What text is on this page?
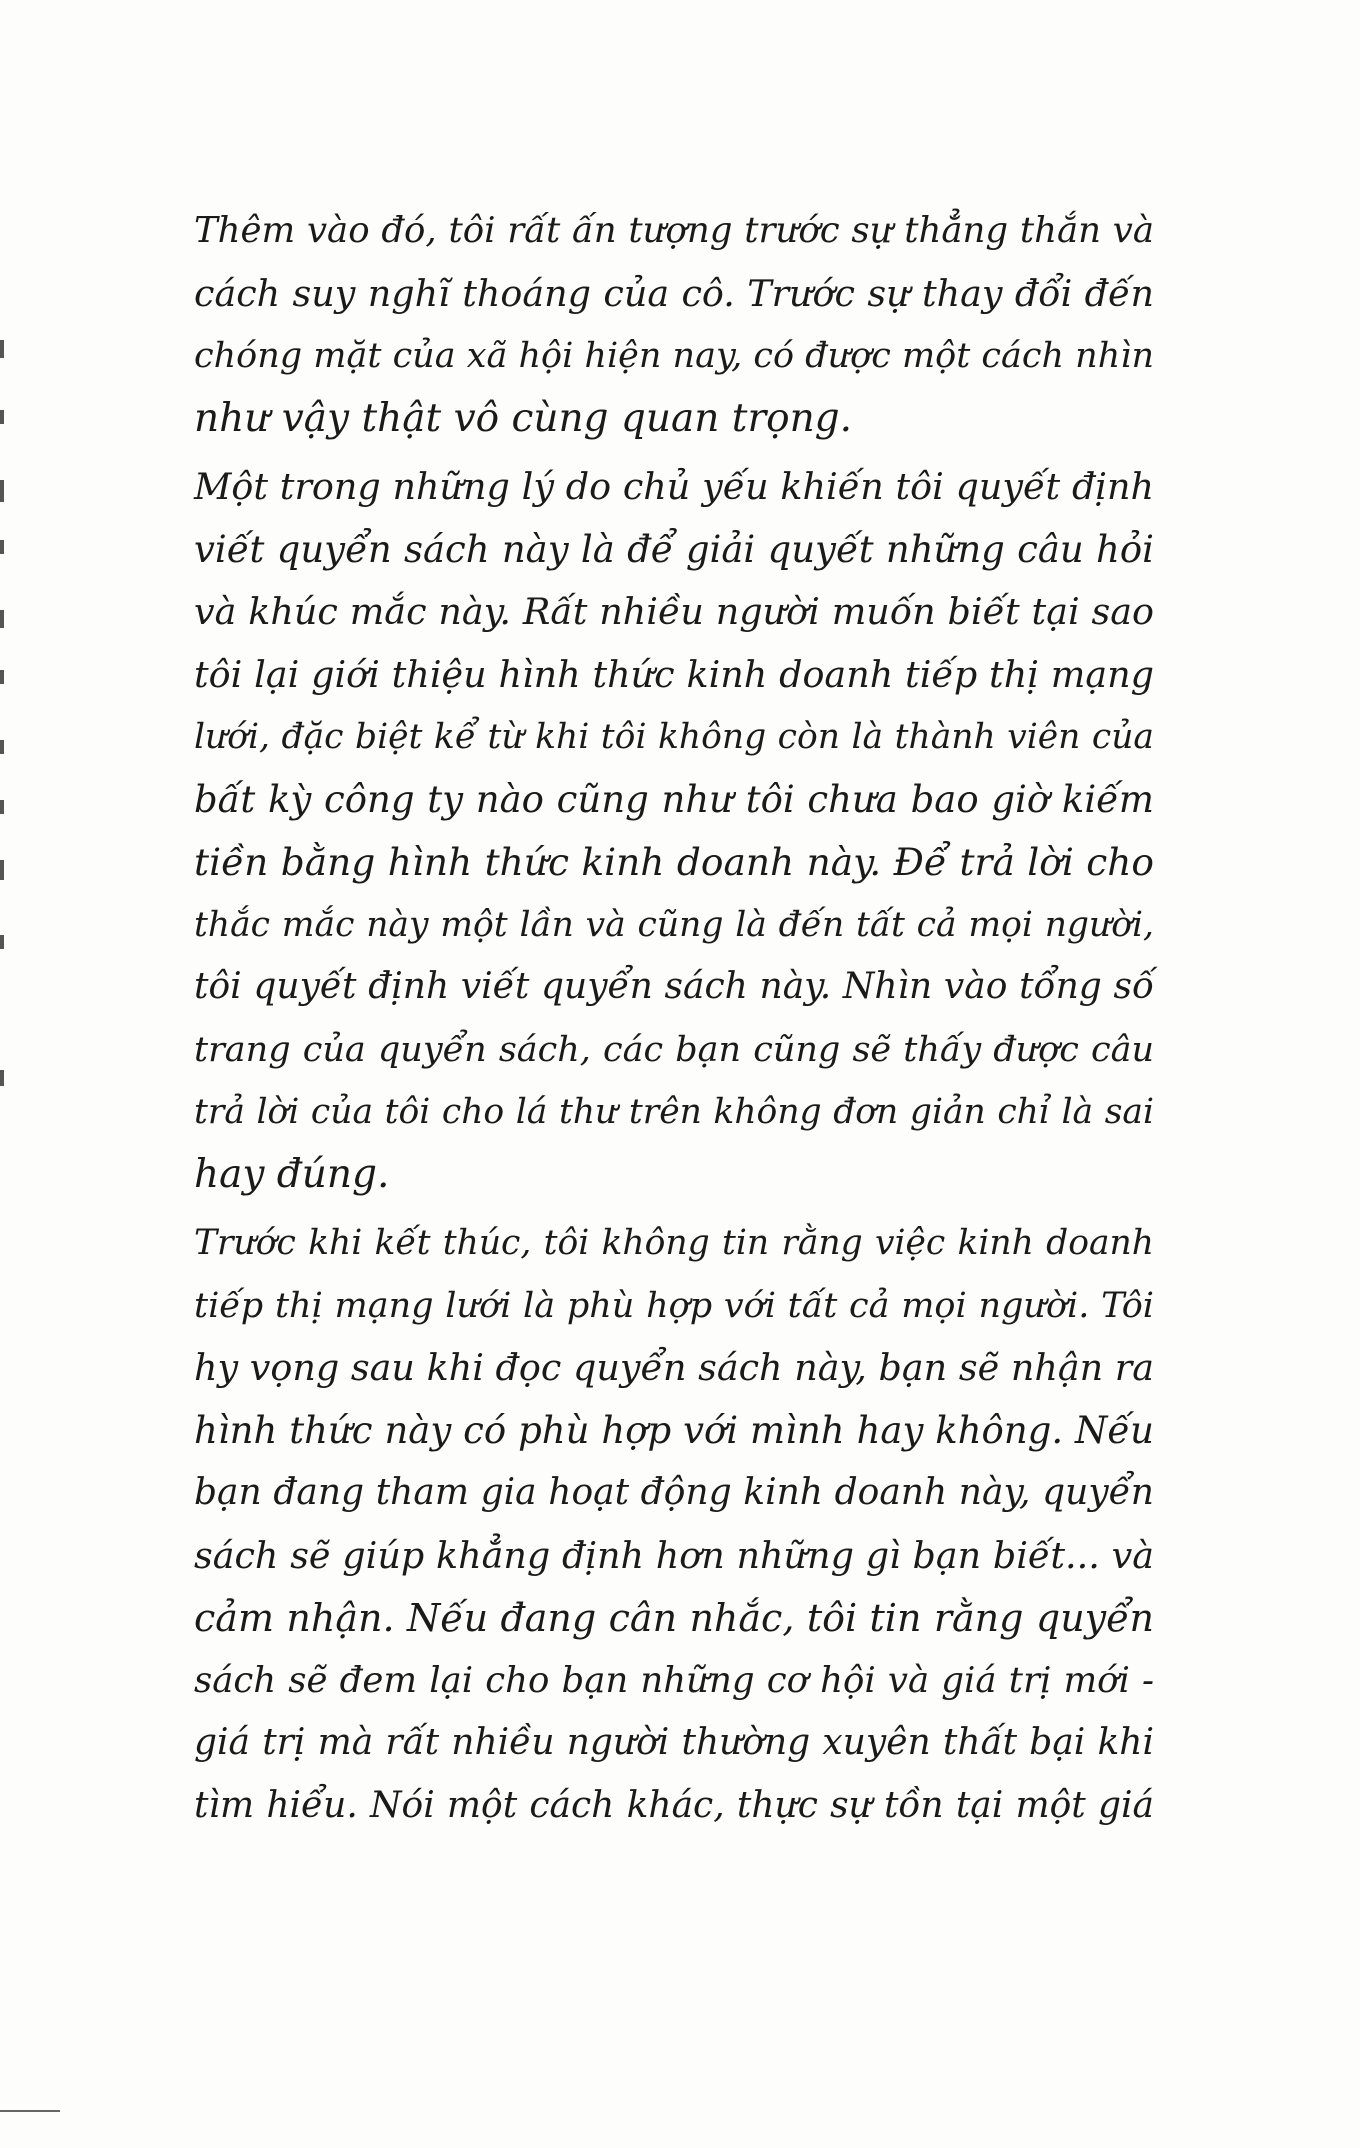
Thêm vào đó, tôi rất ấn tượng trước sự thẳng thắn và
cách suy nghĩ thoáng của cô. Trước sự thay đổi đến
chóng mặt của xã hội hiện nay, có được một cách nhìn
như vậy thật vô cùng quan trọng.
Một trong những lý do chủ yếu khiến tôi quyết định
viết quyển sách này là để giải quyết những câu hỏi
và khúc mắc này. Rất nhiều người muốn biết tại sao
tôi lại giới thiệu hình thức kinh doanh tiếp thị mạng
lưới, đặc biệt kể từ khi tôi không còn là thành viên của
bất kỳ công ty nào cũng như tôi chưa bao giờ kiếm
tiền bằng hình thức kinh doanh này. Để trả lời cho
thắc mắc này một lần và cũng là đến tất cả mọi người,
tôi quyết định viết quyển sách này. Nhìn vào tổng số
trang của quyển sách, các bạn cũng sẽ thấy được câu
trả lời của tôi cho lá thư trên không đơn giản chỉ là sai
hay đúng.
Trước khi kết thúc, tôi không tin rằng việc kinh doanh
tiếp thị mạng lưới là phù hợp với tất cả mọi người. Tôi
hy vọng sau khi đọc quyển sách này, bạn sẽ nhận ra
hình thức này có phù hợp với mình hay không. Nếu
bạn đang tham gia hoạt động kinh doanh này, quyển
sách sẽ giúp khẳng định hơn những gì bạn biết... và
cảm nhận. Nếu đang cân nhắc, tôi tin rằng quyển
sách sẽ đem lại cho bạn những cơ hội và giá trị mới -
giá trị mà rất nhiều người thường xuyên thất bại khi
tìm hiểu. Nói một cách khác, thực sự tồn tại một giá
